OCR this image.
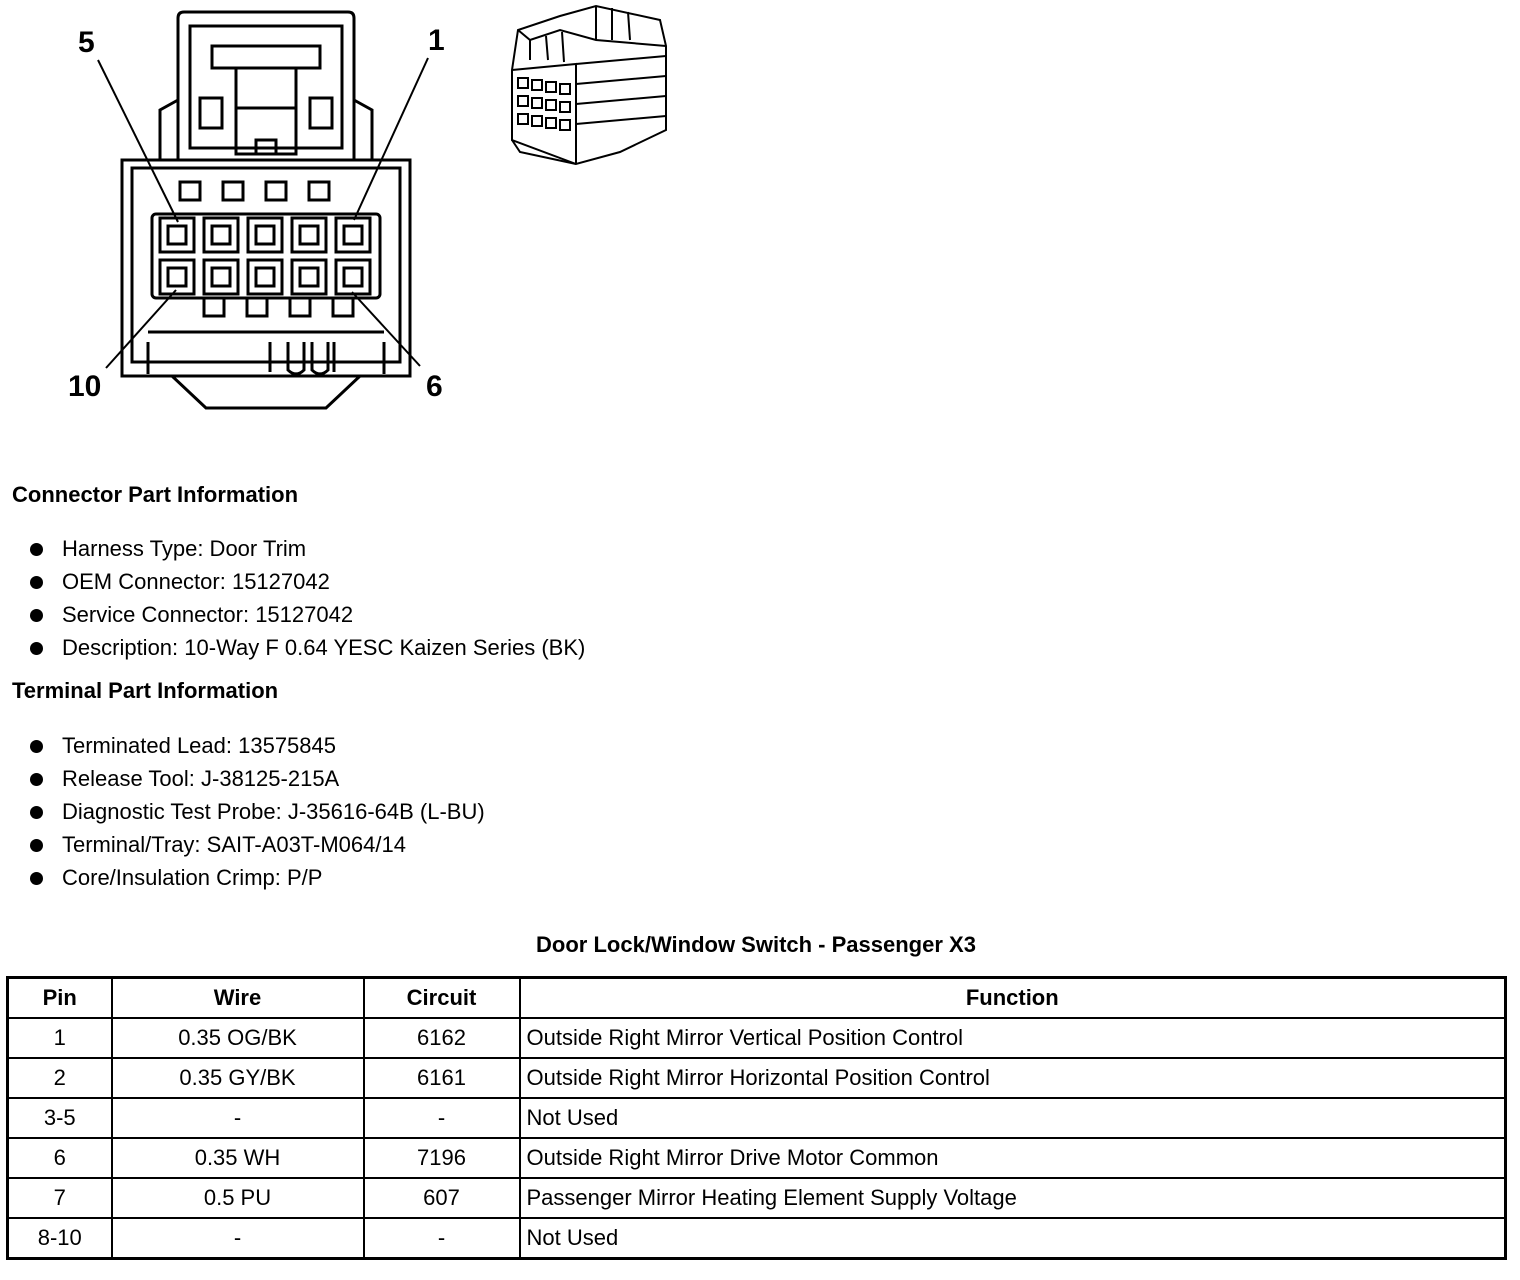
5	1
10	6
Connector Part Information
Harness Type: Door Trim
OEM Connector: 15127042
Service Connector: 15127042
Description: 10-Way F 0.64 YESC Kaizen Series (BK)
Terminal Part Information
Terminated Lead: 13575845
Release Tool: J-38125-215A
Diagnostic Test Probe: J-35616-64B (L-BU)
Terminal/Tray: SAIT-A03T-M064/14
Core/Insulation Crimp: P/P
Door Lock/Window Switch - Passenger X3
Pin	Wire	Circuit	Function
1	0.35 OG/BK	6162	Outside Right Mirror Vertical Position Control
2	0.35 GY/BK	6161	Outside Right Mirror Horizontal Position Control
3-5	-	-	Not Used
6	0.35 WH	7196	Outside Right Mirror Drive Motor Common
7	0.5 PU	607	Passenger Mirror Heating Element Supply Voltage
8-10	-	-	Not Used
